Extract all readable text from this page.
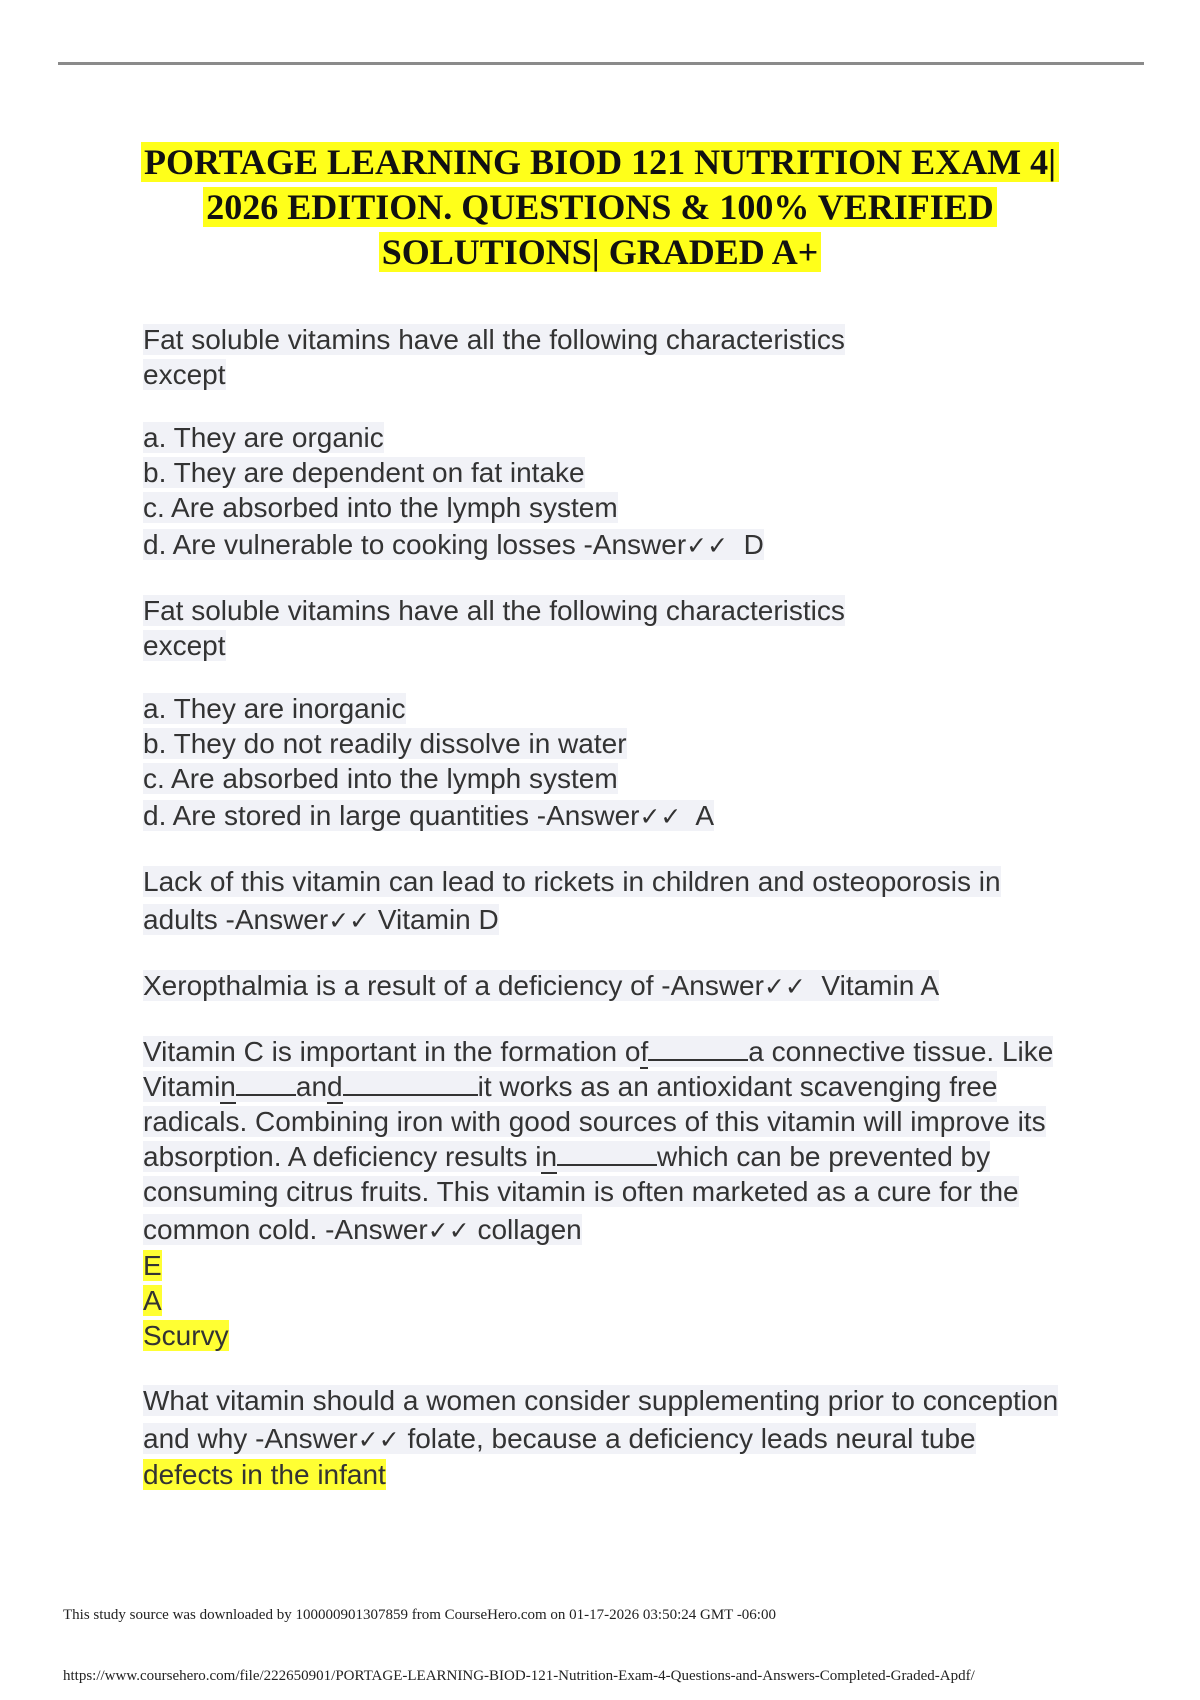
PORTAGE LEARNING BIOD 121 NUTRITION EXAM 4|
2026 EDITION. QUESTIONS & 100% VERIFIED
SOLUTIONS| GRADED A+
Fat soluble vitamins have all the following characteristics
except
a. They are organic
b. They are dependent on fat intake
c. Are absorbed into the lymph system
d. Are vulnerable to cooking losses -Answer✓✓ D
Fat soluble vitamins have all the following characteristics
except
a. They are inorganic
b. They do not readily dissolve in water
c. Are absorbed into the lymph system
d. Are stored in large quantities -Answer✓✓ A
Lack of this vitamin can lead to rickets in children and osteoporosis in
adults -Answer✓✓ Vitamin D
Xeropthalmia is a result of a deficiency of -Answer✓✓ Vitamin A
Vitamin C is important in the formation of	a connective tissue. Like
Vitamin and	it works as an antioxidant scavenging free
radicals. Combining iron with good sources of this vitamin will improve its
absorption. A deficiency results in	which can be prevented by
consuming citrus fruits. This vitamin is often marketed as a cure for the
common cold. -Answer✓✓ collagen
E
A
Scurvy
What vitamin should a women consider supplementing prior to conception
and why -Answer✓✓ folate, because a deficiency leads neural tube
defects in the infant
This study source was downloaded by 100000901307859 from CourseHero.com on 01-17-2026 03:50:24 GMT -06:00
https://www.coursehero.com/file/222650901/PORTAGE-LEARNING-BIOD-121-Nutrition-Exam-4-Questions-and-Answers-Completed-Graded-Apdf/
